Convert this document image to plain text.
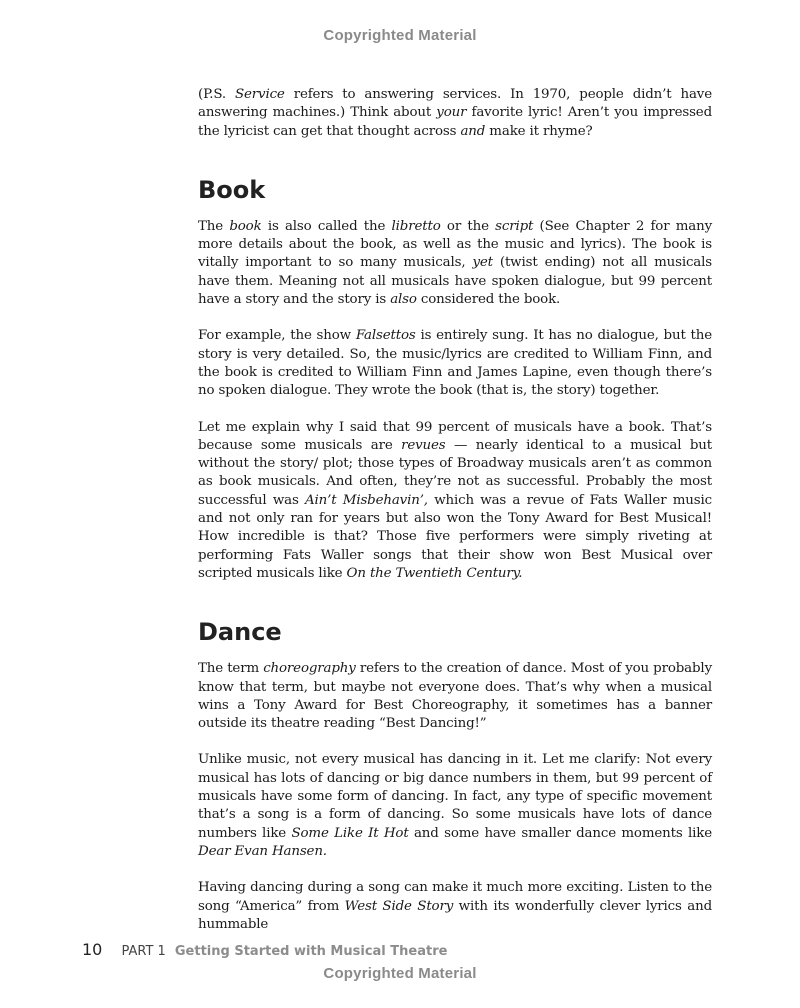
Copyrighted Material

(P.S. Service refers to answering services. In 1970, people didn’t have answering machines.) Think about your favorite lyric! Aren’t you impressed the lyricist can get that thought across and make it rhyme?

Book

The book is also called the libretto or the script (See Chapter 2 for many more details about the book, as well as the music and lyrics). The book is vitally important to so many musicals, yet (twist ending) not all musicals have them. Meaning not all musicals have spoken dialogue, but 99 percent have a story and the story is also considered the book.

For example, the show Falsettos is entirely sung. It has no dialogue, but the story is very detailed. So, the music/lyrics are credited to William Finn, and the book is credited to William Finn and James Lapine, even though there’s no spoken dialogue. They wrote the book (that is, the story) together.

Let me explain why I said that 99 percent of musicals have a book. That’s because some musicals are revues — nearly identical to a musical but without the story/ plot; those types of Broadway musicals aren’t as common as book musicals. And often, they’re not as successful. Probably the most successful was Ain’t Misbehavin’, which was a revue of Fats Waller music and not only ran for years but also won the Tony Award for Best Musical! How incredible is that? Those five performers were simply riveting at performing Fats Waller songs that their show won Best Musical over scripted musicals like On the Twentieth Century.

Dance

The term choreography refers to the creation of dance. Most of you probably know that term, but maybe not everyone does. That’s why when a musical wins a Tony Award for Best Choreography, it sometimes has a banner outside its theatre reading “Best Dancing!”

Unlike music, not every musical has dancing in it. Let me clarify: Not every musical has lots of dancing or big dance numbers in them, but 99 percent of musicals have some form of dancing. In fact, any type of specific movement that’s a song is a form of dancing. So some musicals have lots of dance numbers like Some Like It Hot and some have smaller dance moments like Dear Evan Hansen.

Having dancing during a song can make it much more exciting. Listen to the song “America” from West Side Story with its wonderfully clever lyrics and hummable

10 PART 1 Getting Started with Musical Theatre
Copyrighted Material
